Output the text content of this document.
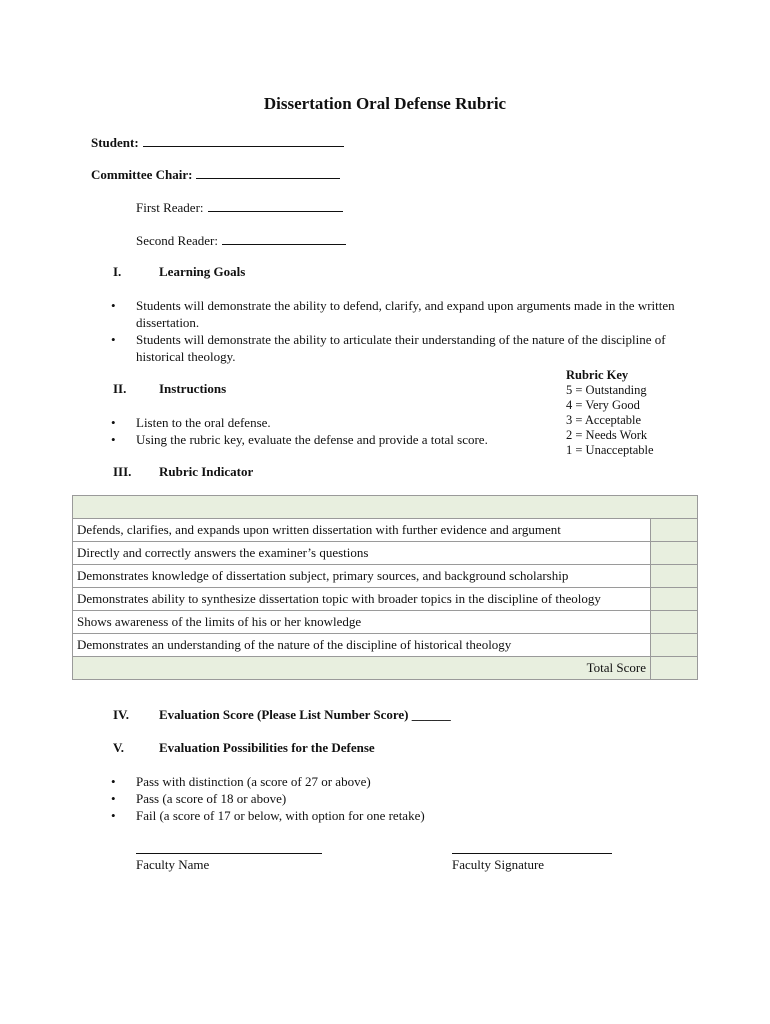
Dissertation Oral Defense Rubric
Student:
Committee Chair:
First Reader:
Second Reader:
I.	Learning Goals
• Students will demonstrate the ability to defend, clarify, and expand upon arguments made in the written dissertation.
• Students will demonstrate the ability to articulate their understanding of the nature of the discipline of historical theology.
II.	Instructions
• Listen to the oral defense.
• Using the rubric key, evaluate the defense and provide a total score.
Rubric Key
5 = Outstanding
4 = Very Good
3 = Acceptable
2 = Needs Work
1 = Unacceptable
III. Rubric Indicator

Defends, clarifies, and expands upon written dissertation with further evidence and argument	
Directly and correctly answers the examiner’s questions	
Demonstrates knowledge of dissertation subject, primary sources, and background scholarship	
Demonstrates ability to synthesize dissertation topic with broader topics in the discipline of theology	
Shows awareness of the limits of his or her knowledge	
Demonstrates an understanding of the nature of the discipline of historical theology	
Total Score	
IV. Evaluation Score (Please List Number Score) ______
V.	Evaluation Possibilities for the Defense
• Pass with distinction (a score of 27 or above)
• Pass (a score of 18 or above)
• Fail (a score of 17 or below, with option for one retake)
Faculty Name	Faculty Signature
